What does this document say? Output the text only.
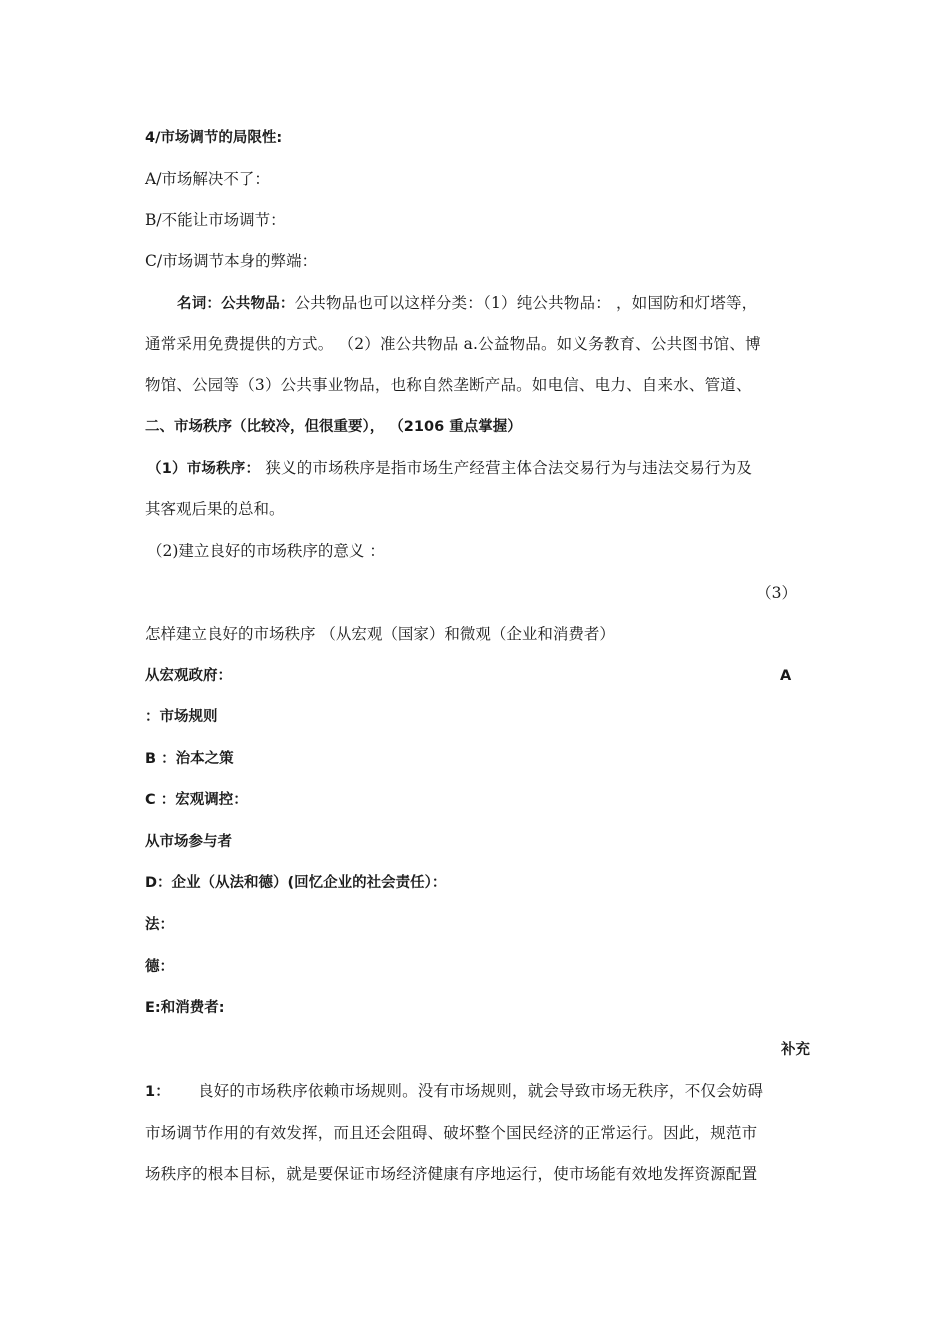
4/市场调节的局限性:
A/市场解决不了：
B/不能让市场调节：
C/市场调节本身的弊端：
名词：公共物品：公共物品也可以这样分类：（1）纯公共物品： ，如国防和灯塔等，
通常采用免费提供的方式。 （2）准公共物品 a.公益物品。如义务教育、公共图书馆、博
物馆、公园等（3）公共事业物品，也称自然垄断产品。如电信、电力、自来水、管道、
二、市场秩序（比较冷，但很重要）， （2106 重点掌握）
（1）市场秩序： 狭义的市场秩序是指市场生产经营主体合法交易行为与违法交易行为及
其客观后果的总和。
（2)建立良好的市场秩序的意义 ：
（3）
怎样建立良好的市场秩序 （从宏观（国家）和微观（企业和消费者）
从宏观政府：	A
：市场规则
B ：治本之策
C ：宏观调控：
从市场参与者
D：企业（从法和德）(回忆企业的社会责任）：
法：
德：
E:和消费者:
补充
1： 良好的市场秩序依赖市场规则。没有市场规则，就会导致市场无秩序，不仅会妨碍
市场调节作用的有效发挥，而且还会阻碍、破坏整个国民经济的正常运行。因此，规范市
场秩序的根本目标，就是要保证市场经济健康有序地运行，使市场能有效地发挥资源配置
